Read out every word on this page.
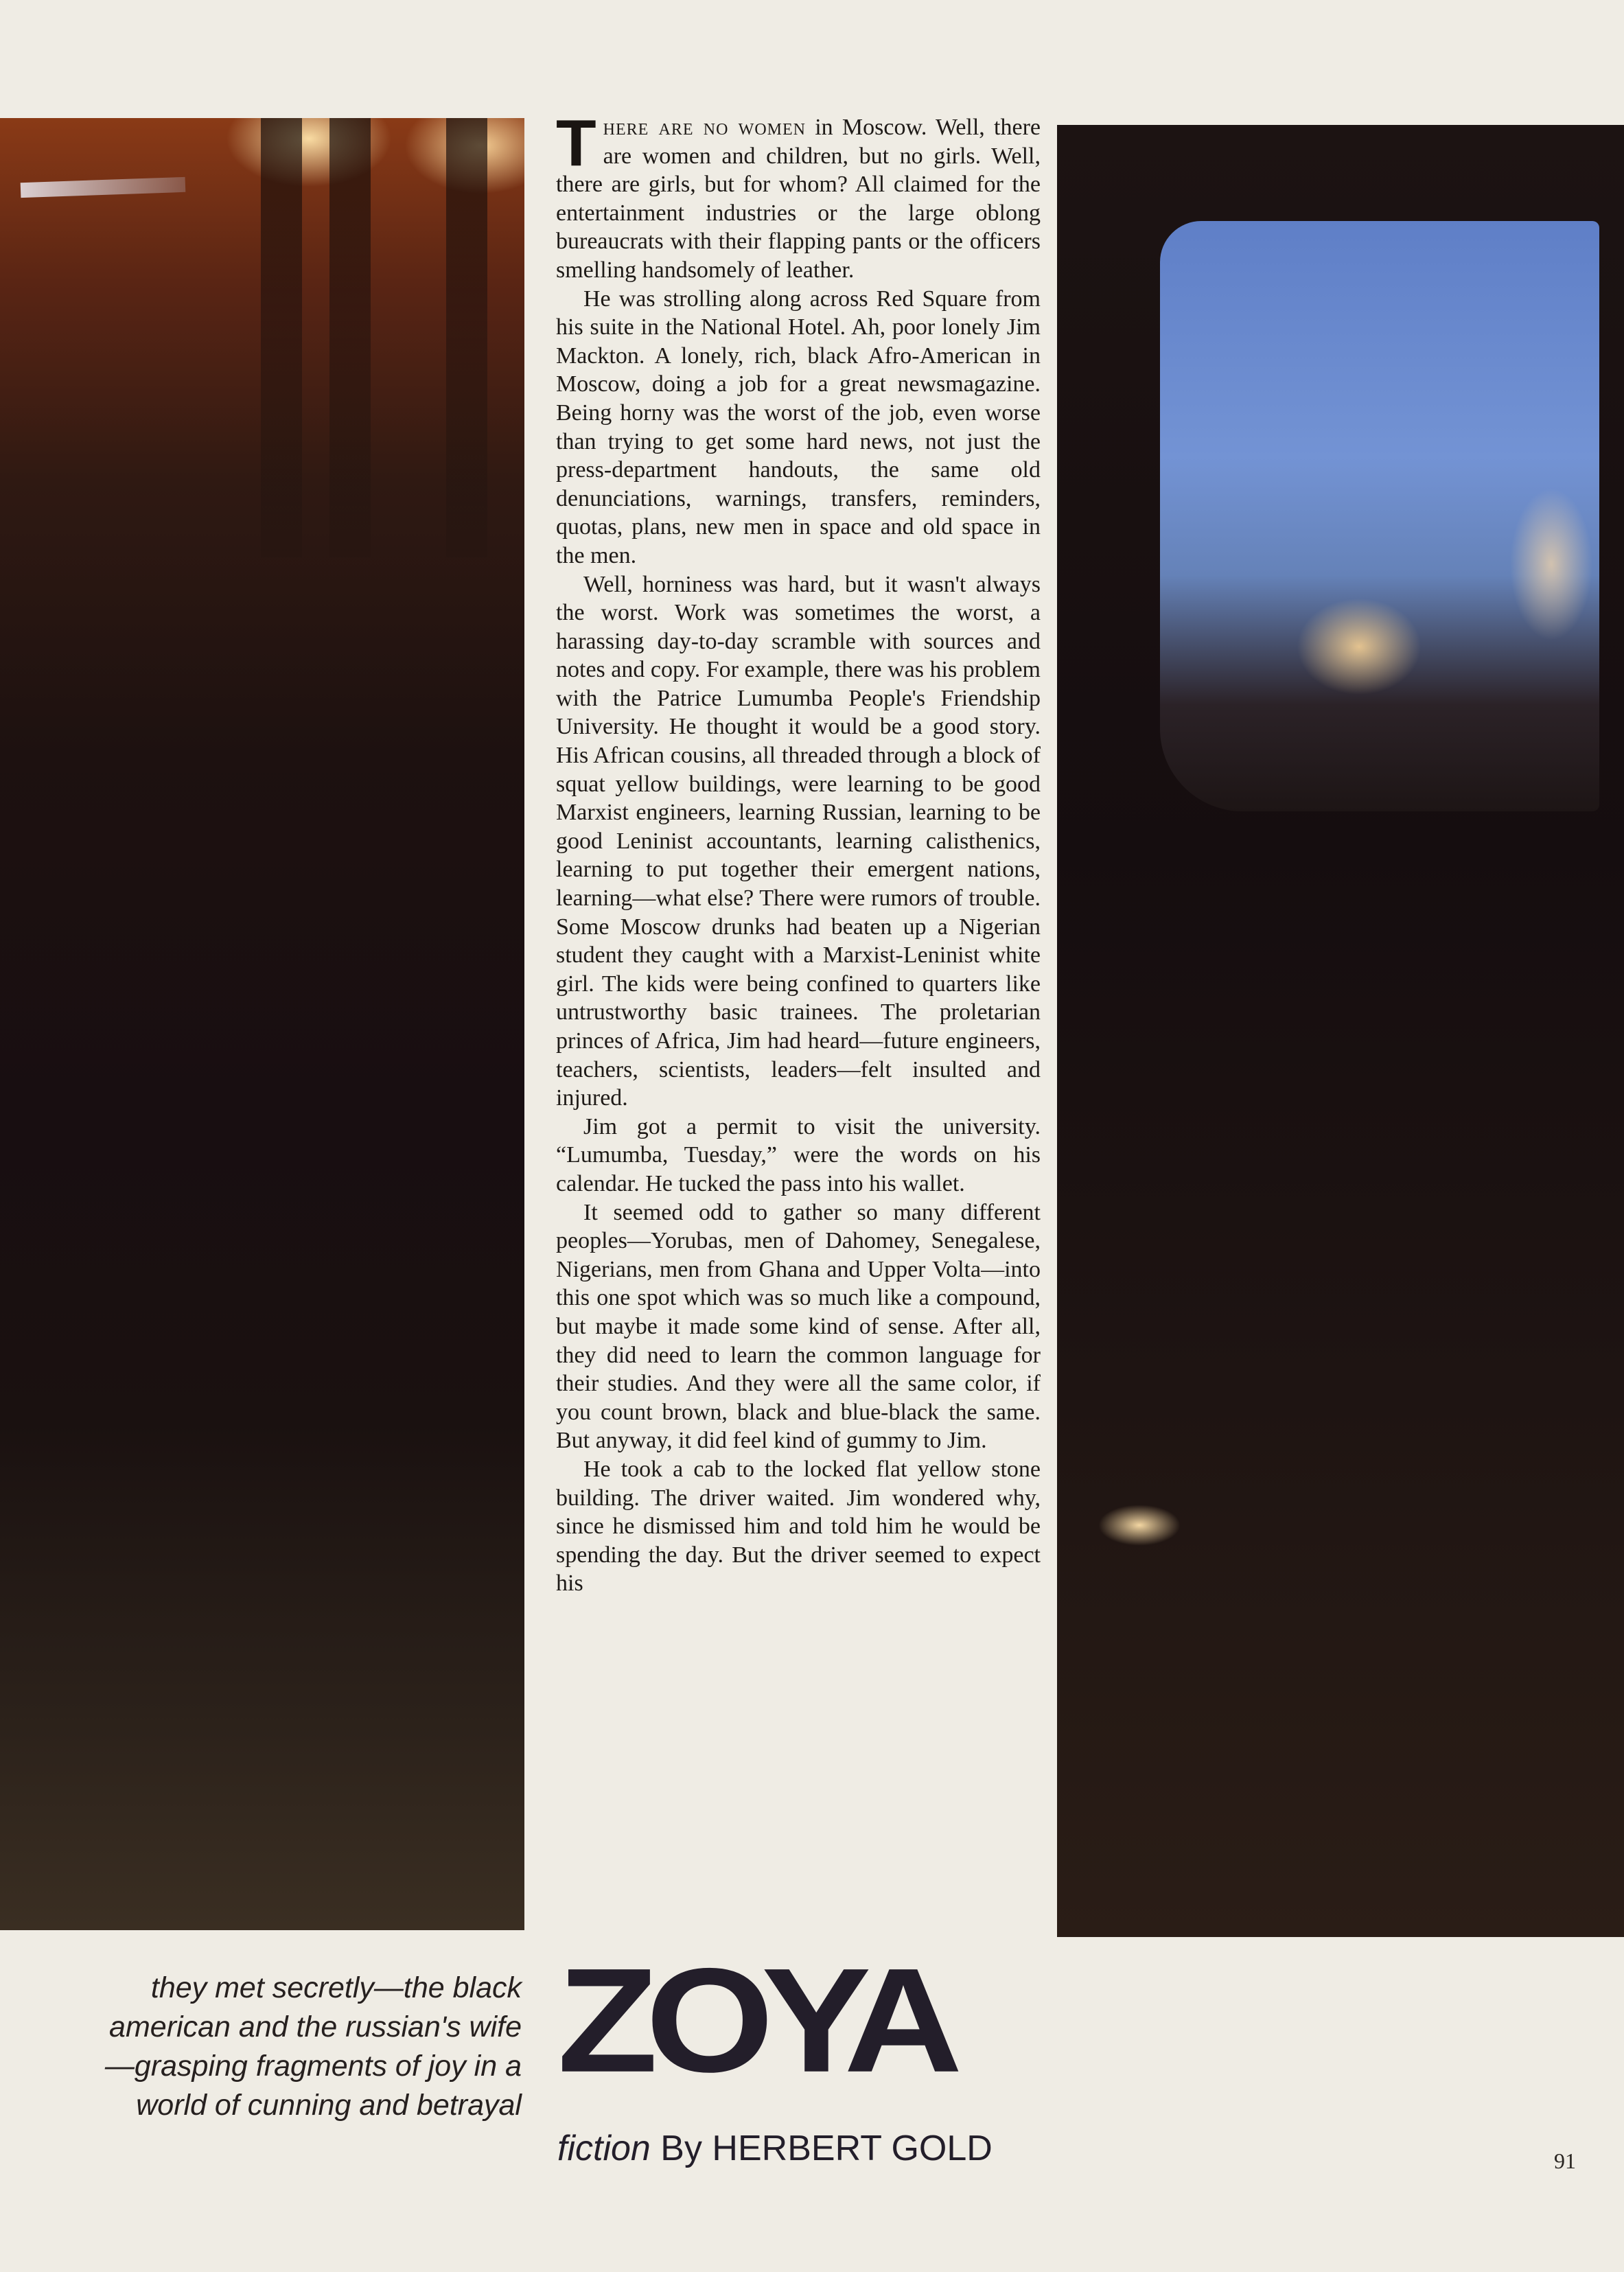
There are no women in Moscow. Well, there are women and children, but no girls. Well, there are girls, but for whom? All claimed for the entertainment industries or the large oblong bureaucrats with their flapping pants or the officers smelling handsomely of leather.

He was strolling along across Red Square from his suite in the National Hotel. Ah, poor lonely Jim Mackton. A lonely, rich, black Afro-American in Moscow, doing a job for a great newsmagazine. Being horny was the worst of the job, even worse than trying to get some hard news, not just the press-department handouts, the same old denunciations, warnings, transfers, reminders, quotas, plans, new men in space and old space in the men.

Well, horniness was hard, but it wasn't always the worst. Work was sometimes the worst, a harassing day-to-day scramble with sources and notes and copy. For example, there was his problem with the Patrice Lumumba People's Friendship University. He thought it would be a good story. His African cousins, all threaded through a block of squat yellow buildings, were learning to be good Marxist engineers, learning Russian, learning to be good Leninist accountants, learning calisthenics, learning to put together their emergent nations, learning—what else? There were rumors of trouble. Some Moscow drunks had beaten up a Nigerian student they caught with a Marxist-Leninist white girl. The kids were being confined to quarters like untrustworthy basic trainees. The proletarian princes of Africa, Jim had heard—future engineers, teachers, scientists, leaders—felt insulted and injured.

Jim got a permit to visit the university. “Lumumba, Tuesday,” were the words on his calendar. He tucked the pass into his wallet.

It seemed odd to gather so many different peoples—Yorubas, men of Dahomey, Senegalese, Nigerians, men from Ghana and Upper Volta—into this one spot which was so much like a compound, but maybe it made some kind of sense. After all, they did need to learn the common language for their studies. And they were all the same color, if you count brown, black and blue-black the same. But anyway, it did feel kind of gummy to Jim.

He took a cab to the locked flat yellow stone building. The driver waited. Jim wondered why, since he dismissed him and told him he would be spending the day. But the driver seemed to expect his

they met secretly—the black american and the russian's wife—grasping fragments of joy in a world of cunning and betrayal
ZOYA
fiction By HERBERT GOLD	91
